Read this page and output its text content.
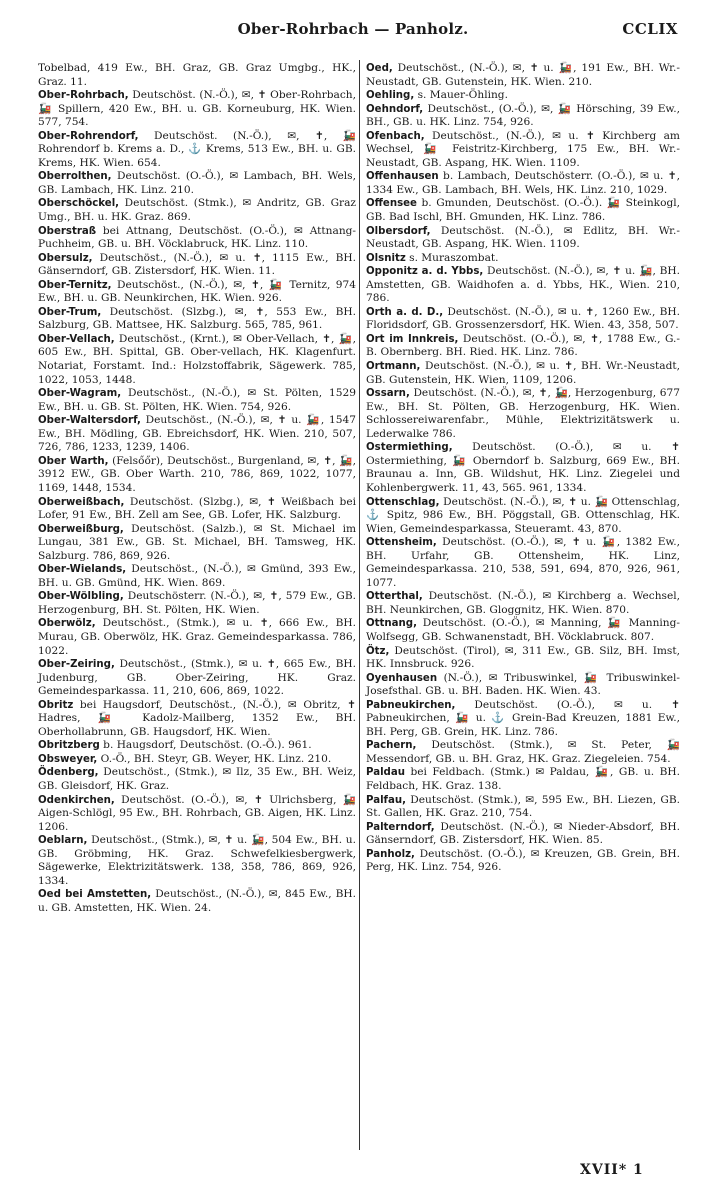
Ober-Rohrbach — Panholz.	CCLIX

Tobelbad, 419 Ew., BH. Graz, GB. Graz Umgbg., HK., Graz. 11.

Ober-Rohrbach, Deutschöst. (N.-Ö.), ✉, ✝ Ober-Rohrbach, 🚂 Spillern, 420 Ew., BH. u. GB. Korneuburg, HK. Wien. 577, 754.

Ober-Rohrendorf, Deutschöst. (N.-Ö.), ✉, ✝, 🚂 Rohrendorf b. Krems a. D., ⚓ Krems, 513 Ew., BH. u. GB. Krems, HK. Wien. 654.

Oberrolthen, Deutschöst. (O.-Ö.), ✉ Lambach, BH. Wels, GB. Lambach, HK. Linz. 210.

Oberschöckel, Deutschöst. (Stmk.), ✉ Andritz, GB. Graz Umg., BH. u. HK. Graz. 869.

Oberstraß bei Attnang, Deutschöst. (O.-Ö.), ✉ Attnang-Puchheim, GB. u. BH. Vöcklabruck, HK. Linz. 110.

Obersulz, Deutschöst., (N.-Ö.), ✉ u. ✝, 1115 Ew., BH. Gänserndorf, GB. Zistersdorf, HK. Wien. 11.

Ober-Ternitz, Deutschöst., (N.-Ö.), ✉, ✝, 🚂 Ternitz, 974 Ew., BH. u. GB. Neunkirchen, HK. Wien. 926.

Ober-Trum, Deutschöst. (Slzbg.), ✉, ✝, 553 Ew., BH. Salzburg, GB. Mattsee, HK. Salzburg. 565, 785, 961.

Ober-Vellach, Deutschöst., (Krnt.), ✉ Ober-Vellach, ✝, 🚂, 605 Ew., BH. Spittal, GB. Ober-vellach, HK. Klagenfurt. Notariat, Forstamt. Ind.: Holzstoffabrik, Sägewerk. 785, 1022, 1053, 1448.

Ober-Wagram, Deutschöst., (N.-Ö.), ✉ St. Pölten, 1529 Ew., BH. u. GB. St. Pölten, HK. Wien. 754, 926.

Ober-Waltersdorf, Deutschöst., (N.-Ö.), ✉, ✝ u. 🚂, 1547 Ew., BH. Mödling, GB. Ebreichsdorf, HK. Wien. 210, 507, 726, 786, 1233, 1239, 1406.

Ober Warth, (Felsőőr), Deutschöst., Burgenland, ✉, ✝, 🚂, 3912 EW., GB. Ober Warth. 210, 786, 869, 1022, 1077, 1169, 1448, 1534.

Oberweißbach, Deutschöst. (Slzbg.), ✉, ✝ Weißbach bei Lofer, 91 Ew., BH. Zell am See, GB. Lofer, HK. Salzburg.

Oberweißburg, Deutschöst. (Salzb.), ✉ St. Michael im Lungau, 381 Ew., GB. St. Michael, BH. Tamsweg, HK. Salzburg. 786, 869, 926.

Ober-Wielands, Deutschöst., (N.-Ö.), ✉ Gmünd, 393 Ew., BH. u. GB. Gmünd, HK. Wien. 869.

Ober-Wölbling, Deutschösterr. (N.-Ö.), ✉, ✝, 579 Ew., GB. Herzogenburg, BH. St. Pölten, HK. Wien.

Oberwölz, Deutschöst., (Stmk.), ✉ u. ✝, 666 Ew., BH. Murau, GB. Oberwölz, HK. Graz. Gemeindesparkassa. 786, 1022.

Ober-Zeiring, Deutschöst., (Stmk.), ✉ u. ✝, 665 Ew., BH. Judenburg, GB. Ober-Zeiring, HK. Graz. Gemeindesparkassa. 11, 210, 606, 869, 1022.

Obritz bei Haugsdorf, Deutschöst., (N.-Ö.), ✉ Obritz, ✝ Hadres, 🚂 Kadolz-Mailberg, 1352 Ew., BH. Oberhollabrunn, GB. Haugsdorf, HK. Wien.

Obritzberg b. Haugsdorf, Deutschöst. (O.-Ö.). 961.

Obsweyer, O.-Ö., BH. Steyr, GB. Weyer, HK. Linz. 210.

Ödenberg, Deutschöst., (Stmk.), ✉ Ilz, 35 Ew., BH. Weiz, GB. Gleisdorf, HK. Graz.

Odenkirchen, Deutschöst. (O.-Ö.), ✉, ✝ Ulrichsberg, 🚂 Aigen-Schlögl, 95 Ew., BH. Rohrbach, GB. Aigen, HK. Linz. 1206.

Oeblarn, Deutschöst., (Stmk.), ✉, ✝ u. 🚂, 504 Ew., BH. u. GB. Gröbming, HK. Graz. Schwefelkiesbergwerk, Sägewerke, Elektrizitätswerk. 138, 358, 786, 869, 926, 1334.

Oed bei Amstetten, Deutschöst., (N.-Ö.), ✉, 845 Ew., BH. u. GB. Amstetten, HK. Wien. 24.

Oed, Deutschöst., (N.-Ö.), ✉, ✝ u. 🚂, 191 Ew., BH. Wr.-Neustadt, GB. Gutenstein, HK. Wien. 210.

Oehling, s. Mauer-Öhling.

Oehndorf, Deutschöst., (O.-Ö.), ✉, 🚂 Hörsching, 39 Ew., BH., GB. u. HK. Linz. 754, 926.

Ofenbach, Deutschöst., (N.-Ö.), ✉ u. ✝ Kirchberg am Wechsel, 🚂 Feistritz-Kirchberg, 175 Ew., BH. Wr.-Neustadt, GB. Aspang, HK. Wien. 1109.

Offenhausen b. Lambach, Deutschösterr. (O.-Ö.), ✉ u. ✝, 1334 Ew., GB. Lambach, BH. Wels, HK. Linz. 210, 1029.

Offensee b. Gmunden, Deutschöst. (O.-Ö.). 🚂 Steinkogl, GB. Bad Ischl, BH. Gmunden, HK. Linz. 786.

Olbersdorf, Deutschöst. (N.-Ö.), ✉ Edlitz, BH. Wr.-Neustadt, GB. Aspang, HK. Wien. 1109.

Olsnitz s. Muraszombat.

Opponitz a. d. Ybbs, Deutschöst. (N.-Ö.), ✉, ✝ u. 🚂, BH. Amstetten, GB. Waidhofen a. d. Ybbs, HK., Wien. 210, 786.

Orth a. d. D., Deutschöst. (N.-Ö.), ✉ u. ✝, 1260 Ew., BH. Floridsdorf, GB. Grossenzersdorf, HK. Wien. 43, 358, 507.

Ort im Innkreis, Deutschöst. (O.-Ö.), ✉, ✝, 1788 Ew., G.-B. Obernberg. BH. Ried. HK. Linz. 786.

Ortmann, Deutschöst. (N.-Ö.), ✉ u. ✝, BH. Wr.-Neustadt, GB. Gutenstein, HK. Wien, 1109, 1206.

Ossarn, Deutschöst. (N.-Ö.), ✉, ✝, 🚂, Herzogenburg, 677 Ew., BH. St. Pölten, GB. Herzogenburg, HK. Wien. Schlossereiwarenfabr., Mühle, Elektrizitätswerk u. Lederwalke 786.

Ostermiething, Deutschöst. (O.-Ö.), ✉ u. ✝ Ostermiething, 🚂 Oberndorf b. Salzburg, 669 Ew., BH. Braunau a. Inn, GB. Wildshut, HK. Linz. Ziegelei und Kohlenbergwerk. 11, 43, 565. 961, 1334.

Ottenschlag, Deutschöst. (N.-Ö.), ✉, ✝ u. 🚂 Ottenschlag, ⚓ Spitz, 986 Ew., BH. Pöggstall, GB. Ottenschlag, HK. Wien, Gemeindesparkassa, Steueramt. 43, 870.

Ottensheim, Deutschöst. (O.-Ö.), ✉, ✝ u. 🚂, 1382 Ew., BH. Urfahr, GB. Ottensheim, HK. Linz, Gemeindesparkassa. 210, 538, 591, 694, 870, 926, 961, 1077.

Otterthal, Deutschöst. (N.-Ö.), ✉ Kirchberg a. Wechsel, BH. Neunkirchen, GB. Gloggnitz, HK. Wien. 870.

Ottnang, Deutschöst. (O.-Ö.), ✉ Manning, 🚂 Manning-Wolfsegg, GB. Schwanenstadt, BH. Vöcklabruck. 807.

Ötz, Deutschöst. (Tirol), ✉, 311 Ew., GB. Silz, BH. Imst, HK. Innsbruck. 926.

Oyenhausen (N.-Ö.), ✉ Tribuswinkel, 🚂 Tribuswinkel-Josefsthal. GB. u. BH. Baden. HK. Wien. 43.

Pabneukirchen, Deutschöst. (O.-Ö.), ✉ u. ✝ Pabneukirchen, 🚂 u. ⚓ Grein-Bad Kreuzen, 1881 Ew., BH. Perg, GB. Grein, HK. Linz. 786.

Pachern, Deutschöst. (Stmk.), ✉ St. Peter, 🚂 Messendorf, GB. u. BH. Graz, HK. Graz. Ziegeleien. 754.

Paldau bei Feldbach. (Stmk.) ✉ Paldau, 🚂, GB. u. BH. Feldbach, HK. Graz. 138.

Palfau, Deutschöst. (Stmk.), ✉, 595 Ew., BH. Liezen, GB. St. Gallen, HK. Graz. 210, 754.

Palterndorf, Deutschöst. (N.-Ö.), ✉ Nieder-Absdorf, BH. Gänserndorf, GB. Zistersdorf, HK. Wien. 85.

Panholz, Deutschöst. (O.-Ö.), ✉ Kreuzen, GB. Grein, BH. Perg, HK. Linz. 754, 926.

XVII* 1
